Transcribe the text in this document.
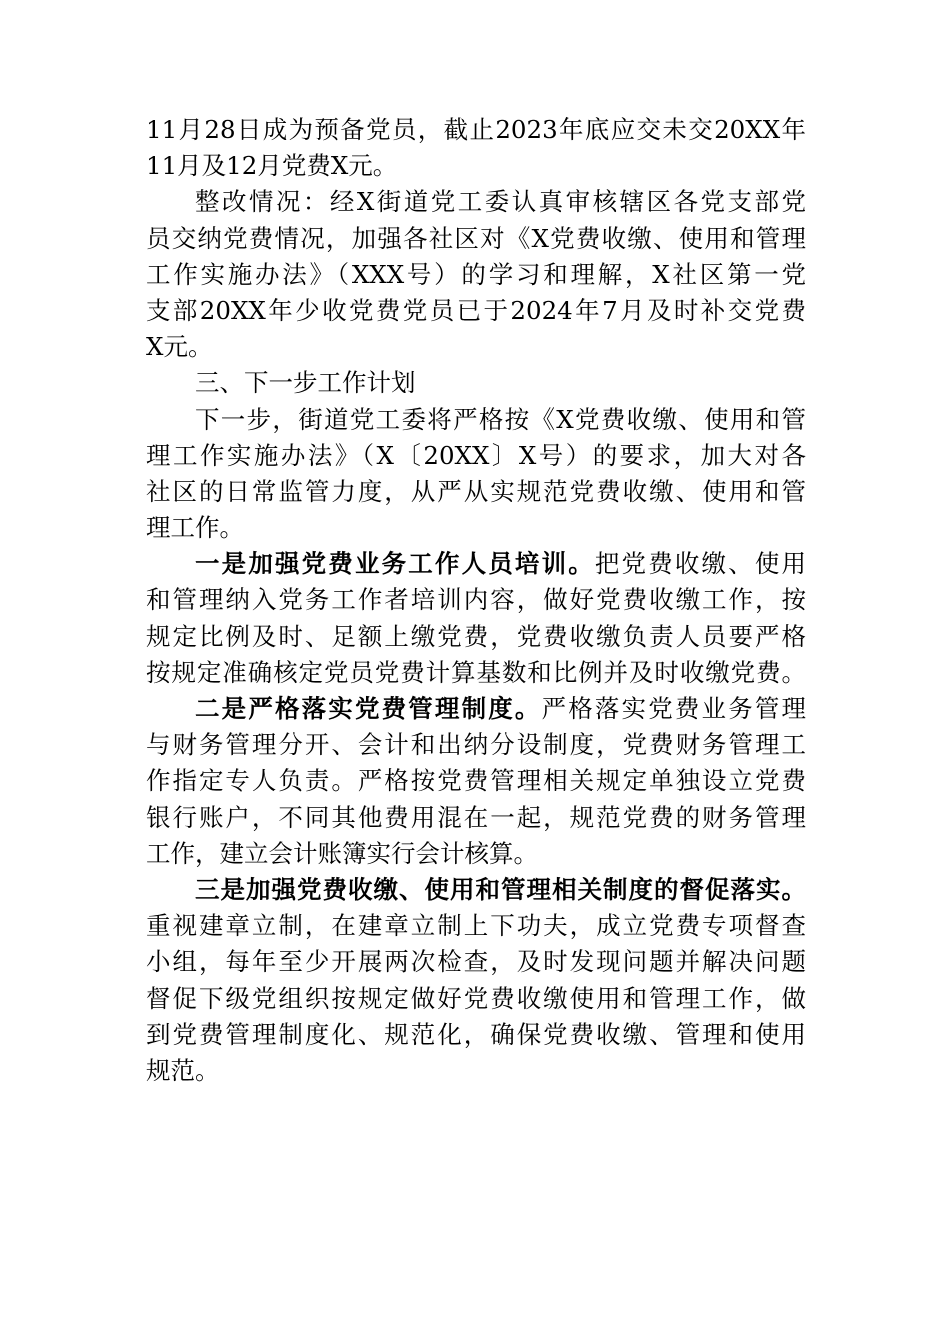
11月28日成为预备党员，截止2023年底应交未交20XX年
11月及12月党费X元。
整改情况：经X街道党工委认真审核辖区各党支部党
员交纳党费情况，加强各社区对《X党费收缴、使用和管理
工作实施办法》（XXX号）的学习和理解，X社区第一党
支部20XX年少收党费党员已于2024年7月及时补交党费
X元。
三、下一步工作计划
下一步，街道党工委将严格按《X党费收缴、使用和管
理工作实施办法》（X〔20XX〕X号）的要求，加大对各
社区的日常监管力度，从严从实规范党费收缴、使用和管
理工作。
一是加强党费业务工作人员培训。把党费收缴、使用
和管理纳入党务工作者培训内容，做好党费收缴工作，按
规定比例及时、足额上缴党费，党费收缴负责人员要严格
按规定准确核定党员党费计算基数和比例并及时收缴党费。
二是严格落实党费管理制度。严格落实党费业务管理
与财务管理分开、会计和出纳分设制度，党费财务管理工
作指定专人负责。严格按党费管理相关规定单独设立党费
银行账户，不同其他费用混在一起，规范党费的财务管理
工作，建立会计账簿实行会计核算。
三是加强党费收缴、使用和管理相关制度的督促落实。
重视建章立制，在建章立制上下功夫，成立党费专项督查
小组，每年至少开展两次检查，及时发现问题并解决问题
督促下级党组织按规定做好党费收缴使用和管理工作，做
到党费管理制度化、规范化，确保党费收缴、管理和使用
规范。
